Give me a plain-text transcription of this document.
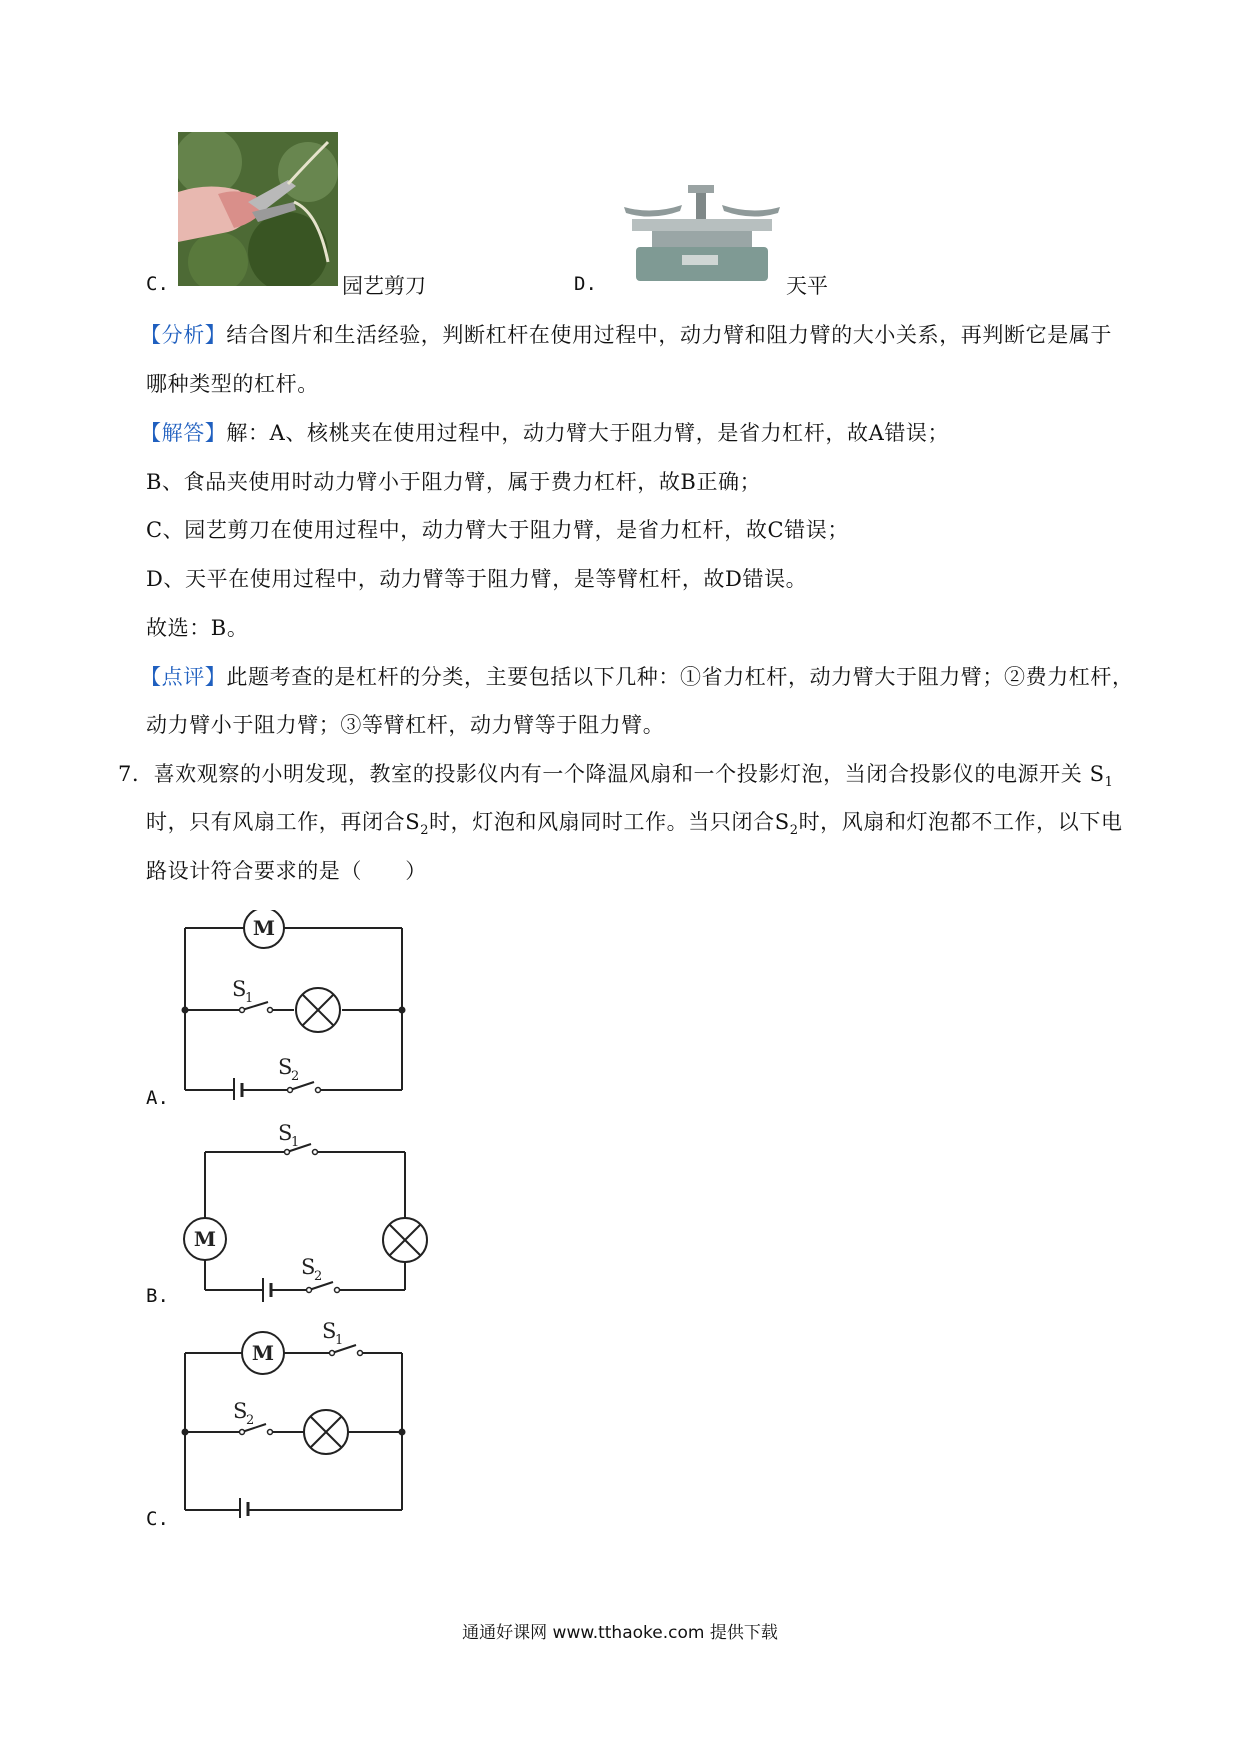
C.	园艺剪刀	D.	天平
【分析】结合图片和生活经验，判断杠杆在使用过程中，动力臂和阻力臂的大小关系，再判断它是属于
哪种类型的杠杆。
【解答】解：A、核桃夹在使用过程中，动力臂大于阻力臂，是省力杠杆，故A错误；
B、食品夹使用时动力臂小于阻力臂，属于费力杠杆，故B正确；
C、园艺剪刀在使用过程中，动力臂大于阻力臂，是省力杠杆，故C错误；
D、天平在使用过程中，动力臂等于阻力臂，是等臂杠杆，故D错误。
故选：B。
【点评】此题考查的是杠杆的分类，主要包括以下几种：①省力杠杆，动力臂大于阻力臂；②费力杠杆，
动力臂小于阻力臂；③等臂杠杆，动力臂等于阻力臂。
7．喜欢观察的小明发现，教室的投影仪内有一个降温风扇和一个投影灯泡，当闭合投影仪的电源开关 $S_1$
时，只有风扇工作，再闭合$S_2$时，灯泡和风扇同时工作。当只闭合$S_2$时，风扇和灯泡都不工作，以下电
路设计符合要求的是（　　）
M
S
1
S
2
A.
M
S
1
S
2
B.
M
S
1
S
2
C.
通通好课网 www.tthaoke.com 提供下载
